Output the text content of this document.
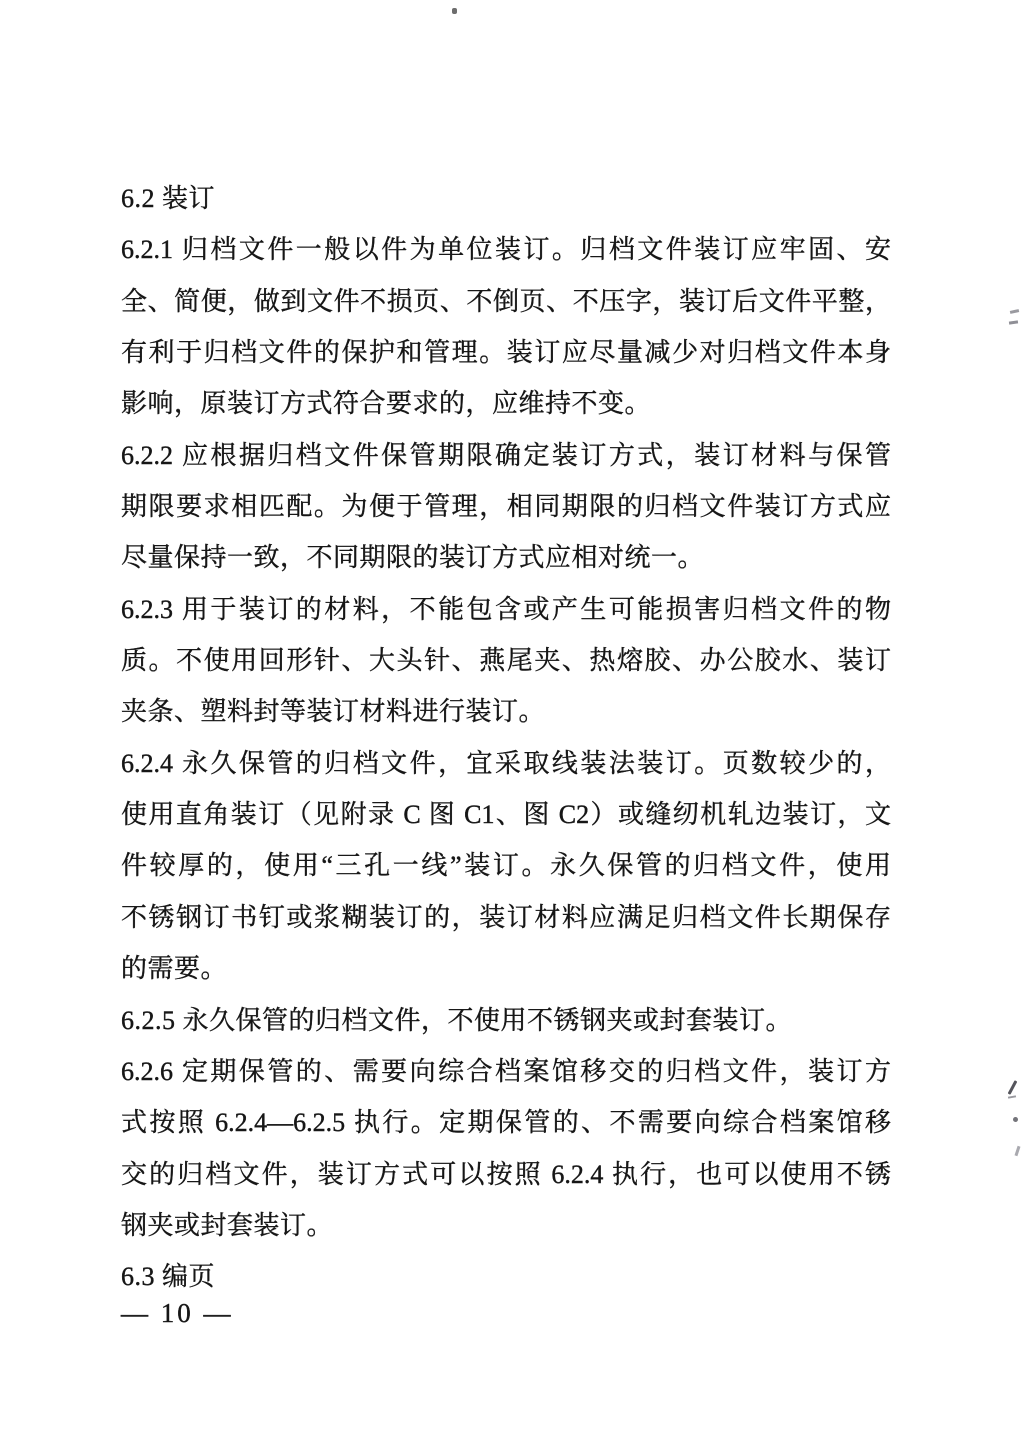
6.2 装订
6.2.1 归档文件一般以件为单位装订。归档文件装订应牢固、安
全、简便，做到文件不损页、不倒页、不压字，装订后文件平整，
有利于归档文件的保护和管理。装订应尽量减少对归档文件本身
影响，原装订方式符合要求的，应维持不变。
6.2.2 应根据归档文件保管期限确定装订方式，装订材料与保管
期限要求相匹配。为便于管理，相同期限的归档文件装订方式应
尽量保持一致，不同期限的装订方式应相对统一。
6.2.3 用于装订的材料，不能包含或产生可能损害归档文件的物
质。不使用回形针、大头针、燕尾夹、热熔胶、办公胶水、装订
夹条、塑料封等装订材料进行装订。
6.2.4 永久保管的归档文件，宜采取线装法装订。页数较少的，
使用直角装订（见附录 C 图 C1、图 C2）或缝纫机轧边装订，文
件较厚的，使用“三孔一线”装订。永久保管的归档文件，使用
不锈钢订书钉或浆糊装订的，装订材料应满足归档文件长期保存
的需要。
6.2.5 永久保管的归档文件，不使用不锈钢夹或封套装订。
6.2.6 定期保管的、需要向综合档案馆移交的归档文件，装订方
式按照 6.2.4—6.2.5 执行。定期保管的、不需要向综合档案馆移
交的归档文件，装订方式可以按照 6.2.4 执行，也可以使用不锈
钢夹或封套装订。
6.3 编页
— 10 —
